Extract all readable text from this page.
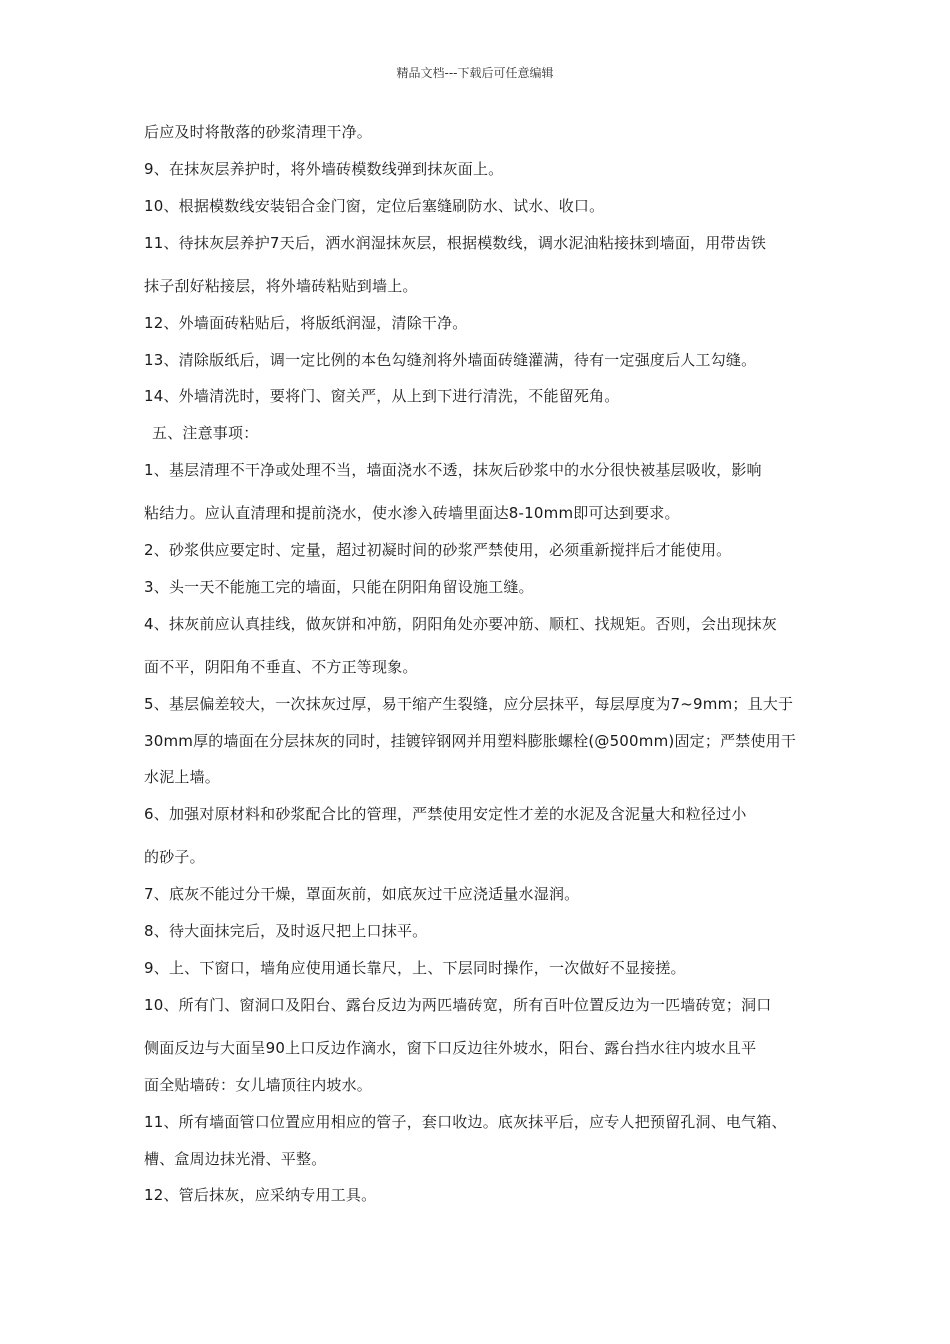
精品文档---下载后可任意编辑
后应及时将散落的砂浆清理干净。
9、在抹灰层养护时，将外墙砖模数线弹到抹灰面上。
10、根据模数线安装铝合金门窗，定位后塞缝刷防水、试水、收口。
11、待抹灰层养护7天后，洒水润湿抹灰层，根据模数线，调水泥油粘接抹到墙面，用带齿铁
抹子刮好粘接层，将外墙砖粘贴到墙上。
12、外墙面砖粘贴后，将版纸润湿，清除干净。
13、清除版纸后，调一定比例的本色勾缝剂将外墙面砖缝灌满，待有一定强度后人工勾缝。
14、外墙清洗时，要将门、窗关严，从上到下进行清洗，不能留死角。
五、注意事项：
1、基层清理不干净或处理不当，墙面浇水不透，抹灰后砂浆中的水分很快被基层吸收，影响
粘结力。应认直清理和提前浇水，使水渗入砖墙里面达8-10mm即可达到要求。
2、砂浆供应要定时、定量，超过初凝时间的砂浆严禁使用，必须重新搅拌后才能使用。
3、头一天不能施工完的墙面，只能在阴阳角留设施工缝。
4、抹灰前应认真挂线，做灰饼和冲筋，阴阳角处亦要冲筋、顺杠、找规矩。否则，会出现抹灰
面不平，阴阳角不垂直、不方正等现象。
5、基层偏差较大，一次抹灰过厚，易干缩产生裂缝，应分层抹平，每层厚度为7~9mm；且大于
30mm厚的墙面在分层抹灰的同时，挂镀锌钢网并用塑料膨胀螺栓(@500mm)固定；严禁使用干
水泥上墙。
6、加强对原材料和砂浆配合比的管理，严禁使用安定性才差的水泥及含泥量大和粒径过小
的砂子。
7、底灰不能过分干燥，罩面灰前，如底灰过干应浇适量水湿润。
8、待大面抹完后，及时返尺把上口抹平。
9、上、下窗口，墙角应使用通长靠尺，上、下层同时操作，一次做好不显接搓。
10、所有门、窗洞口及阳台、露台反边为两匹墙砖宽，所有百叶位置反边为一匹墙砖宽；洞口
侧面反边与大面呈90上口反边作滴水，窗下口反边往外坡水，阳台、露台挡水往内坡水且平
面全贴墙砖：女儿墙顶往内坡水。
11、所有墙面管口位置应用相应的管子，套口收边。底灰抹平后，应专人把预留孔洞、电气箱、
槽、盒周边抹光滑、平整。
12、管后抹灰，应采纳专用工具。
